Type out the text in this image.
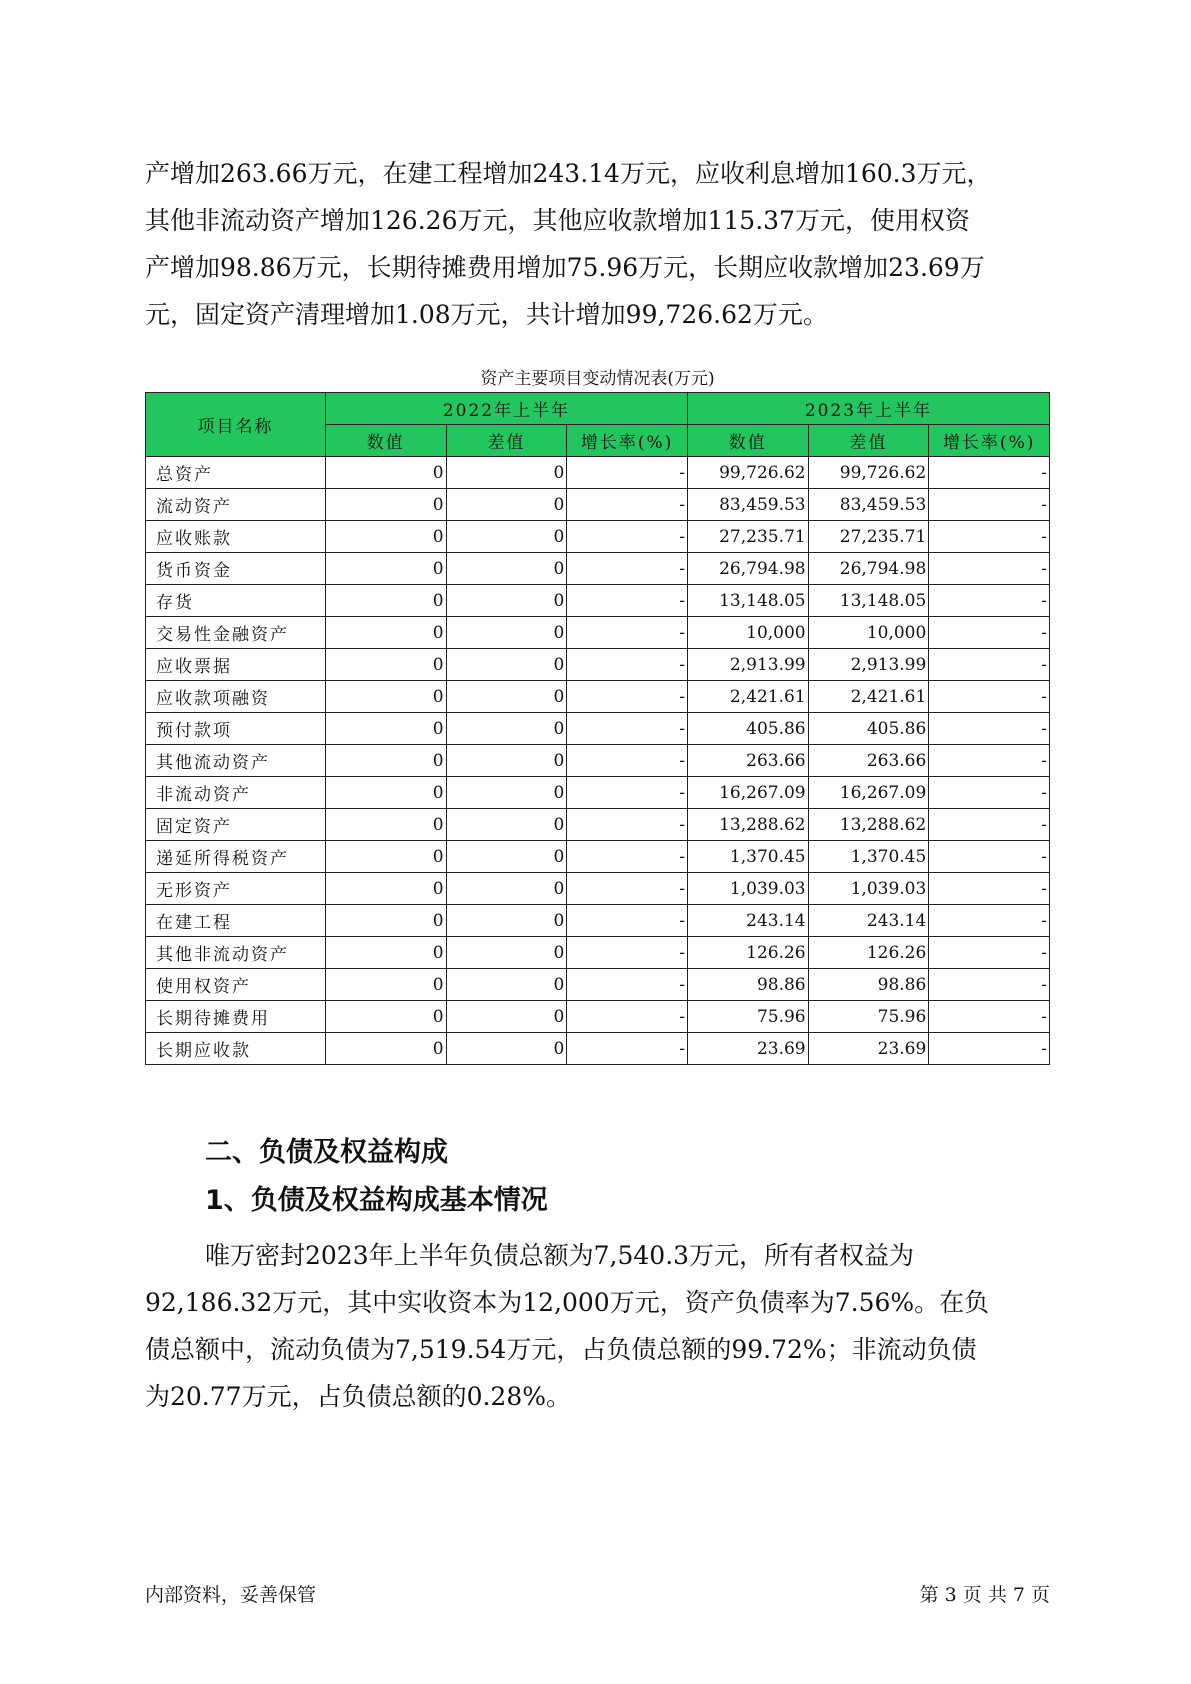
产增加263.66万元，在建工程增加243.14万元，应收利息增加160.3万元，

其他非流动资产增加126.26万元，其他应收款增加115.37万元，使用权资

产增加98.86万元，长期待摊费用增加75.96万元，长期应收款增加23.69万

元，固定资产清理增加1.08万元，共计增加99,726.62万元。

资产主要项目变动情况表(万元)
项目名称	2022年上半年			2023年上半年		
	数值	差值	增长率(%)	数值	差值	增长率(%)
总资产	0	0	-	99,726.62	99,726.62	-
流动资产	0	0	-	83,459.53	83,459.53	-
应收账款	0	0	-	27,235.71	27,235.71	-
货币资金	0	0	-	26,794.98	26,794.98	-
存货	0	0	-	13,148.05	13,148.05	-
交易性金融资产	0	0	-	10,000	10,000	-
应收票据	0	0	-	2,913.99	2,913.99	-
应收款项融资	0	0	-	2,421.61	2,421.61	-
预付款项	0	0	-	405.86	405.86	-
其他流动资产	0	0	-	263.66	263.66	-
非流动资产	0	0	-	16,267.09	16,267.09	-
固定资产	0	0	-	13,288.62	13,288.62	-
递延所得税资产	0	0	-	1,370.45	1,370.45	-
无形资产	0	0	-	1,039.03	1,039.03	-
在建工程	0	0	-	243.14	243.14	-
其他非流动资产	0	0	-	126.26	126.26	-
使用权资产	0	0	-	98.86	98.86	-
长期待摊费用	0	0	-	75.96	75.96	-
长期应收款	0	0	-	23.69	23.69	-
二、负债及权益构成
1、负债及权益构成基本情况

唯万密封2023年上半年负债总额为7,540.3万元，所有者权益为

92,186.32万元，其中实收资本为12,000万元，资产负债率为7.56%。在负

债总额中，流动负债为7,519.54万元，占负债总额的99.72%；非流动负债

为20.77万元，占负债总额的0.28%。

内部资料，妥善保管	第 3 页 共 7 页
